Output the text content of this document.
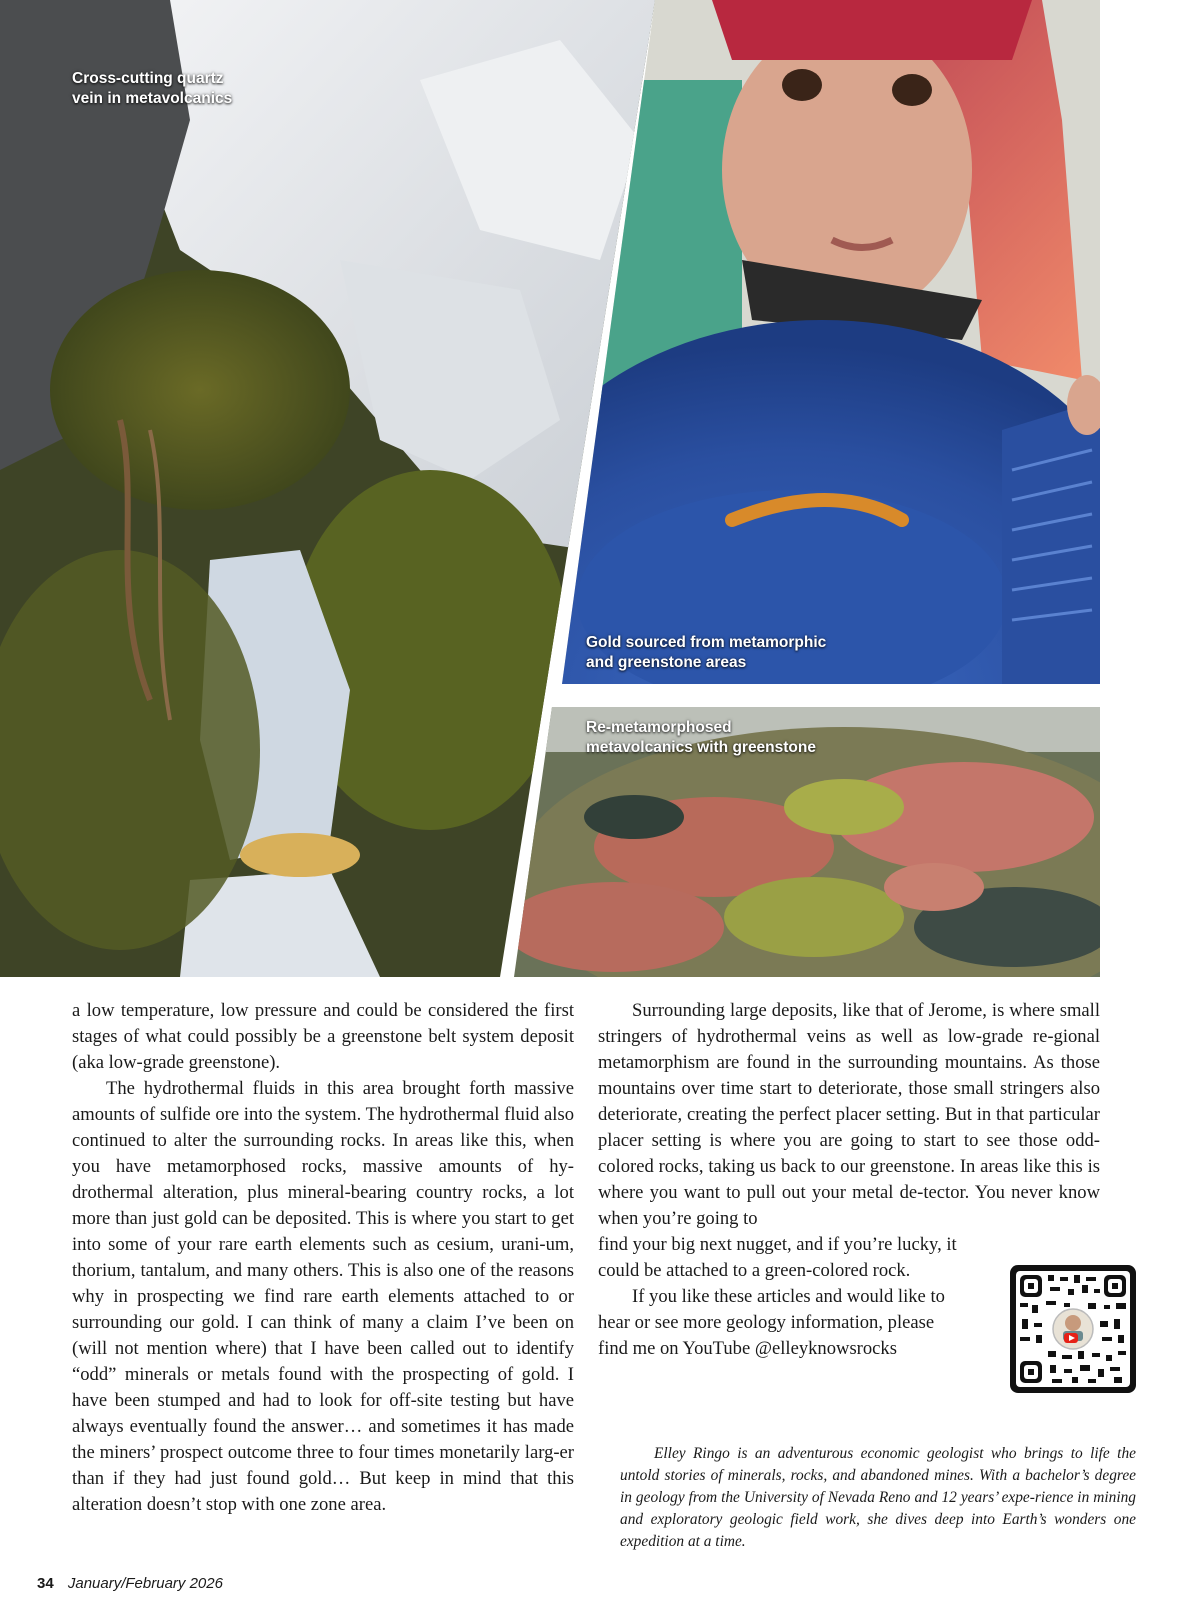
Cross-cutting quartz
vein in metavolcanics
Gold sourced from metamorphic
and greenstone areas
Re-metamorphosed
metavolcanics with greenstone

a low temperature, low pressure and could be considered the first stages of what could possibly be a greenstone belt system deposit (aka low-grade greenstone).

The hydrothermal fluids in this area brought forth massive amounts of sulfide ore into the system. The hydrothermal fluid also continued to alter the surrounding rocks. In areas like this, when you have metamorphosed rocks, massive amounts of hy-drothermal alteration, plus mineral-bearing country rocks, a lot more than just gold can be deposited. This is where you start to get into some of your rare earth elements such as cesium, urani-um, thorium, tantalum, and many others. This is also one of the reasons why in prospecting we find rare earth elements attached to or surrounding our gold. I can think of many a claim I’ve been on (will not mention where) that I have been called out to identify “odd” minerals or metals found with the prospecting of gold. I have been stumped and had to look for off-site testing but have always eventually found the answer… and sometimes it has made the miners’ prospect outcome three to four times monetarily larg-er than if they had just found gold… But keep in mind that this alteration doesn’t stop with one zone area.

Surrounding large deposits, like that of Jerome, is where small stringers of hydrothermal veins as well as low-grade re-gional metamorphism are found in the surrounding mountains. As those mountains over time start to deteriorate, those small stringers also deteriorate, creating the perfect placer setting. But in that particular placer setting is where you are going to start to see those odd-colored rocks, taking us back to our greenstone. In areas like this is where you want to pull out your metal de-tector. You never know when you’re going to

find your big next nugget, and if you’re lucky, it
could be attached to a green-colored rock.
If you like these articles and would like to
hear or see more geology information, please
find me on YouTube @elleyknowsrocks
Elley Ringo is an adventurous economic geologist who brings to life the untold stories of minerals, rocks, and abandoned mines. With a bachelor’s degree in geology from the University of Nevada Reno and 12 years’ expe-rience in mining and exploratory geologic field work, she dives deep into Earth’s wonders one expedition at a time.
34 January/February 2026
